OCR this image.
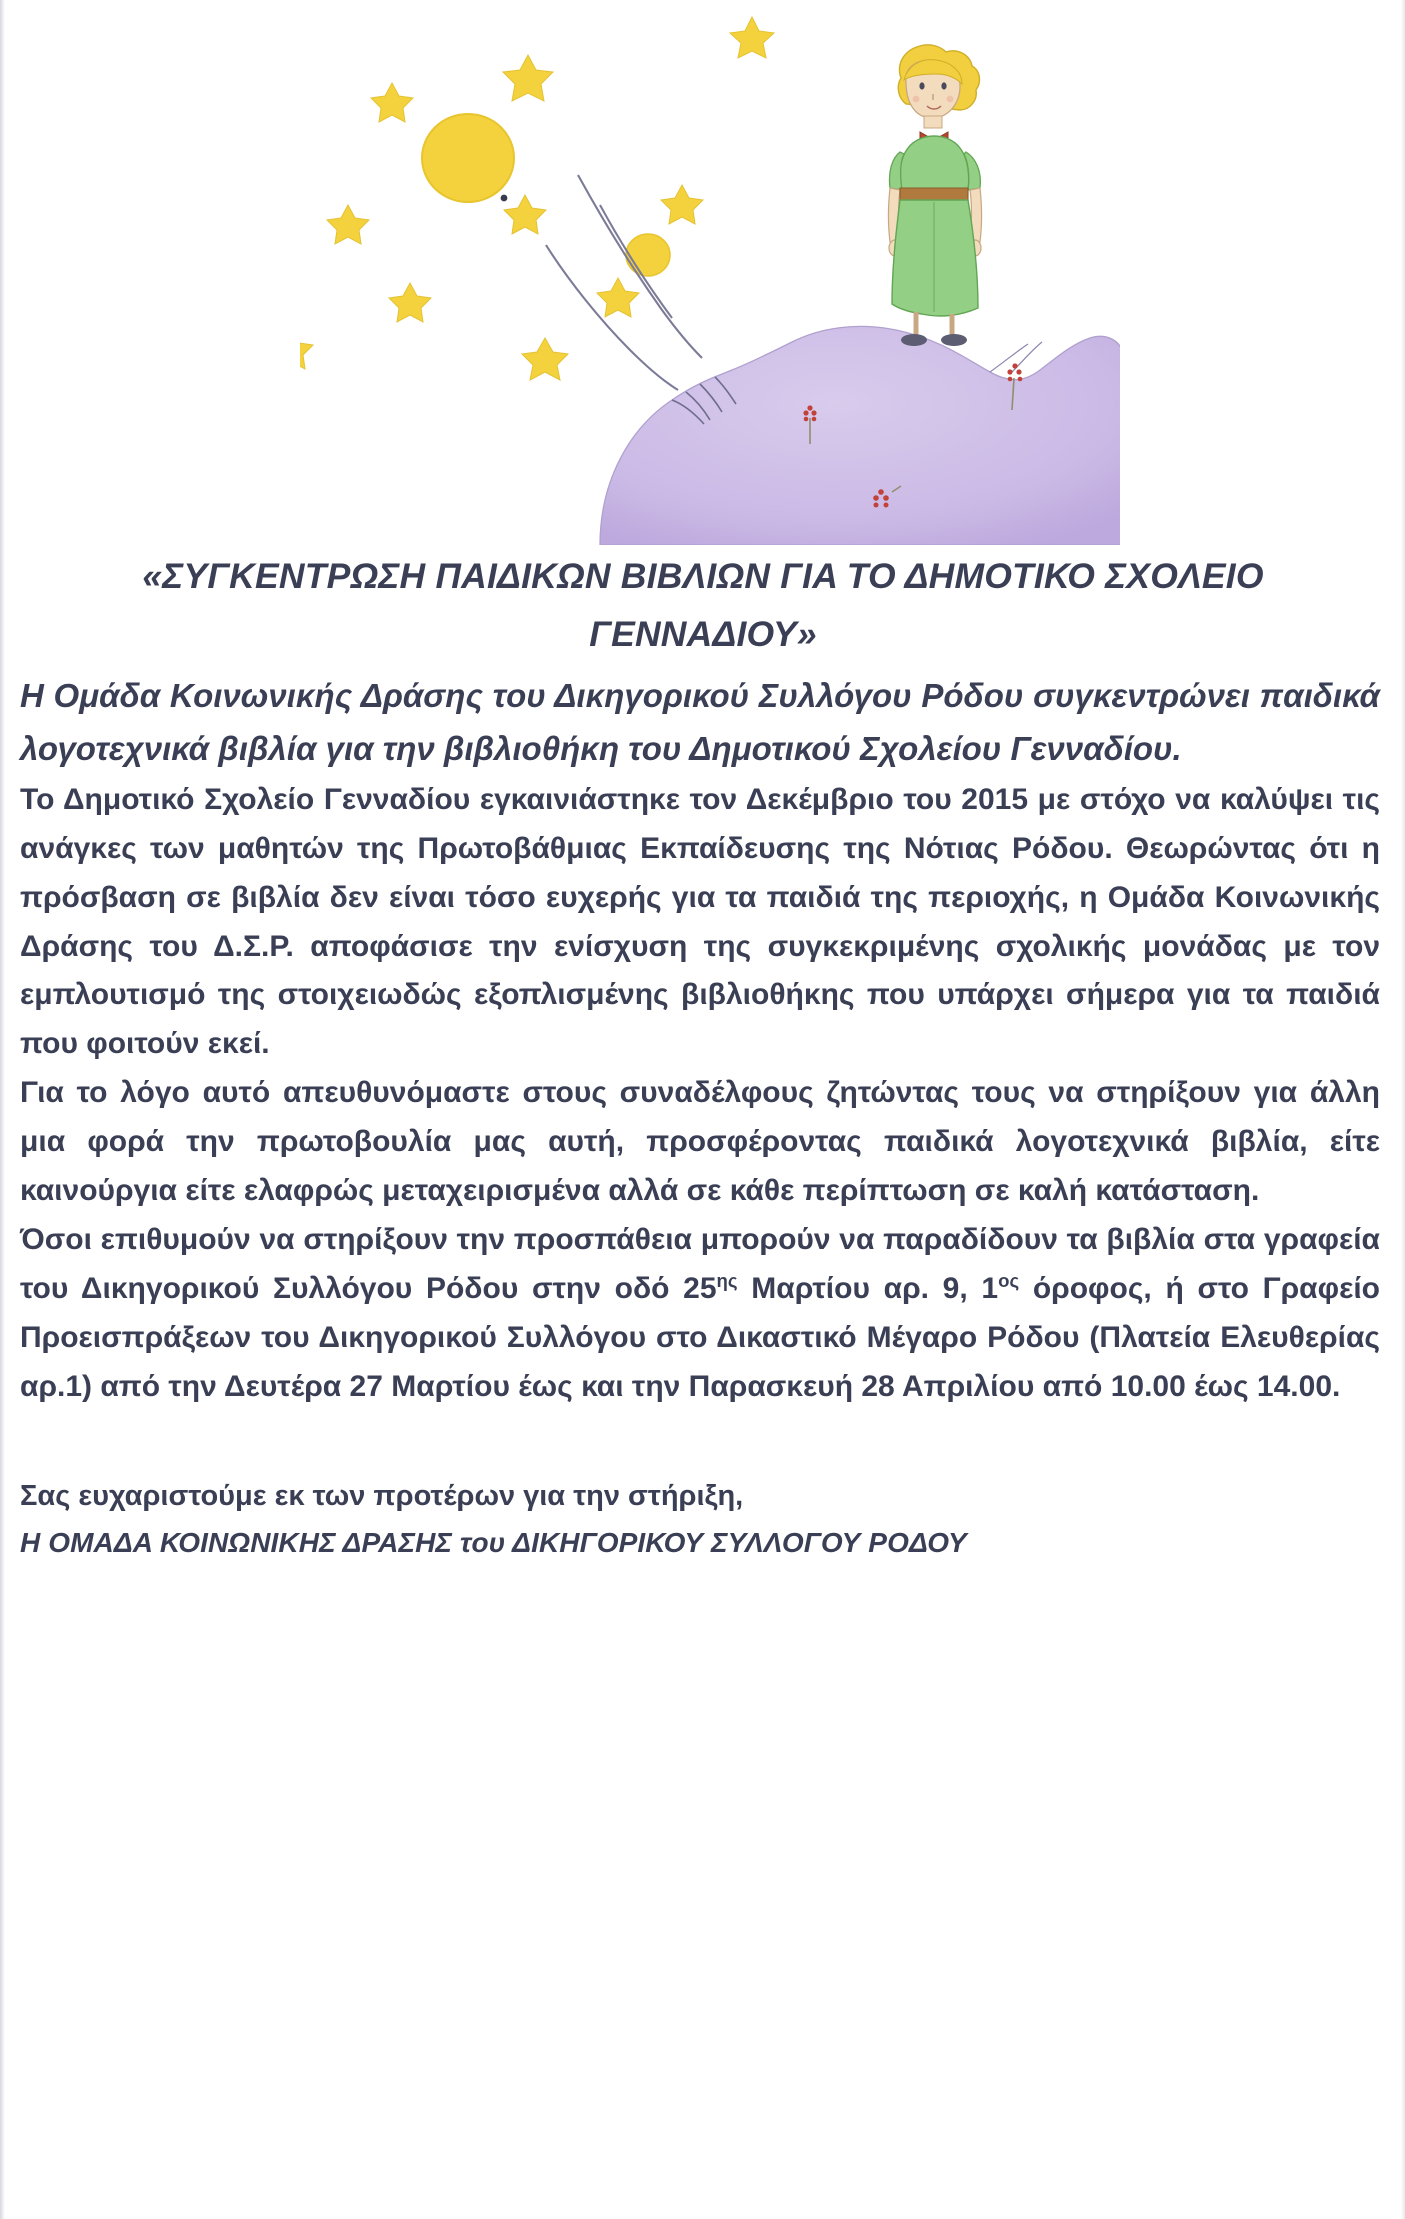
«ΣΥΓΚΕΝΤΡΩΣΗ ΠΑΙΔΙΚΩΝ ΒΙΒΛΙΩΝ ΓΙΑ ΤΟ ΔΗΜΟΤΙΚΟ ΣΧΟΛΕΙΟ
ΓΕΝΝΑΔΙΟΥ»

Η Ομάδα Κοινωνικής Δράσης του Δικηγορικού Συλλόγου Ρόδου συγκεντρώνει παιδικά λογοτεχνικά βιβλία για την βιβλιοθήκη του Δημοτικού Σχολείου Γενναδίου.

Το Δημοτικό Σχολείο Γενναδίου εγκαινιάστηκε τον Δεκέμβριο του 2015 με στόχο να καλύψει τις ανάγκες των μαθητών της Πρωτοβάθμιας Εκπαίδευσης της Νότιας Ρόδου. Θεωρώντας ότι η πρόσβαση σε βιβλία δεν είναι τόσο ευχερής για τα παιδιά της περιοχής, η Ομάδα Κοινωνικής Δράσης του Δ.Σ.Ρ. αποφάσισε την ενίσχυση της συγκεκριμένης σχολικής μονάδας με τον εμπλουτισμό της στοιχειωδώς εξοπλισμένης βιβλιοθήκης που υπάρχει σήμερα για τα παιδιά που φοιτούν εκεί.

Για το λόγο αυτό απευθυνόμαστε στους συναδέλφους ζητώντας τους να στηρίξουν για άλλη μια φορά την πρωτοβουλία μας αυτή, προσφέροντας παιδικά λογοτεχνικά βιβλία, είτε καινούργια είτε ελαφρώς μεταχειρισμένα αλλά σε κάθε περίπτωση σε καλή κατάσταση.

Όσοι επιθυμούν να στηρίξουν την προσπάθεια μπορούν να παραδίδουν τα βιβλία στα γραφεία του Δικηγορικού Συλλόγου Ρόδου στην οδό $25^{\eta\varsigma}$ Μαρτίου αρ. 9, $1^{o\varsigma}$ όροφος, ή στο Γραφείο Προεισπράξεων του Δικηγορικού Συλλόγου στο Δικαστικό Μέγαρο Ρόδου (Πλατεία Ελευθερίας αρ.1) από την Δευτέρα 27 Μαρτίου έως και την Παρασκευή 28 Απριλίου από 10.00 έως 14.00.

Σας ευχαριστούμε εκ των προτέρων για την στήριξη,

Η ΟΜΑΔΑ ΚΟΙΝΩΝΙΚΗΣ ΔΡΑΣΗΣ του ΔΙΚΗΓΟΡΙΚΟΥ ΣΥΛΛΟΓΟΥ ΡΟΔΟΥ
